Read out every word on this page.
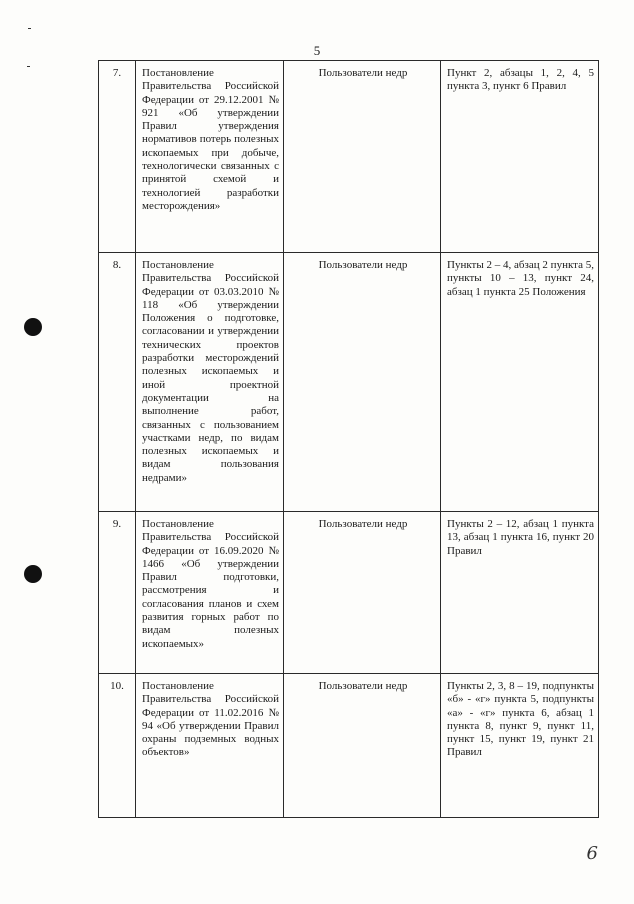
5
7.	Постановление Правительства Российской Федерации от 29.12.2001 № 921 «Об утверждении Правил утверждения нормативов потерь полезных ископаемых при добыче, технологически связанных с принятой схемой и технологией разработки месторождения»	Пользователи недр	Пункт 2, абзацы 1, 2, 4, 5 пункта 3, пункт 6 Правил
8.	Постановление Правительства Российской Федерации от 03.03.2010 № 118 «Об утверждении Положения о подготовке, согласовании и утверждении технических проектов разработки месторождений полезных ископаемых и иной проектной документации на выполнение работ, связанных с пользованием участками недр, по видам полезных ископаемых и видам пользования недрами»	Пользователи недр	Пункты 2 – 4, абзац 2 пункта 5, пункты 10 – 13, пункт 24, абзац 1 пункта 25 Положения
9.	Постановление Правительства Российской Федерации от 16.09.2020 № 1466 «Об утверждении Правил подготовки, рассмотрения и согласования планов и схем развития горных работ по видам полезных ископаемых»	Пользователи недр	Пункты 2 – 12, абзац 1 пункта 13, абзац 1 пункта 16, пункт 20 Правил
10.	Постановление Правительства Российской Федерации от 11.02.2016 № 94 «Об утверждении Правил охраны подземных водных объектов»	Пользователи недр	Пункты 2, 3, 8 – 19, подпункты «б» - «г» пункта 5, подпункты «а» - «г» пункта 6, абзац 1 пункта 8, пункт 9, пункт 11, пункт 15, пункт 19, пункт 21 Правил
6
